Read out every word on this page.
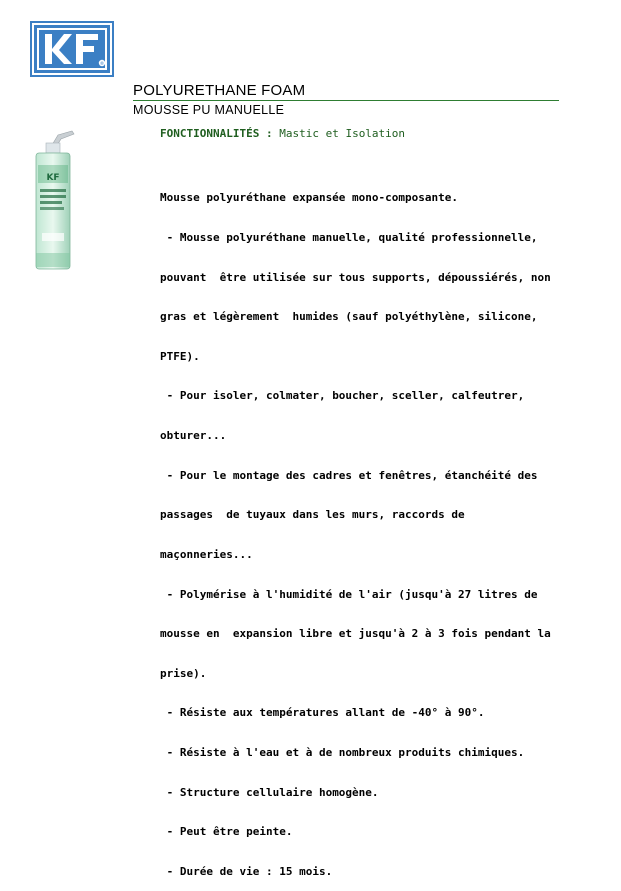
®
POLYURETHANE FOAM
MOUSSE PU MANUELLE
KF
FONCTIONNALITÉS : Mastic et Isolation

Mousse polyuréthane expansée mono-composante.

- Mousse polyuréthane manuelle, qualité professionnelle,

pouvant  être utilisée sur tous supports, dépoussiérés, non

gras et légèrement  humides (sauf polyéthylène, silicone,

PTFE).

- Pour isoler, colmater, boucher, sceller, calfeutrer,

obturer...

- Pour le montage des cadres et fenêtres, étanchéité des

passages  de tuyaux dans les murs, raccords de

maçonneries...

- Polymérise à l'humidité de l'air (jusqu'à 27 litres de

mousse en  expansion libre et jusqu'à 2 à 3 fois pendant la

prise).

- Résiste aux températures allant de -40° à 90°.

- Résiste à l'eau et à de nombreux produits chimiques.

- Structure cellulaire homogène.

- Peut être peinte.

- Durée de vie : 15 mois.
